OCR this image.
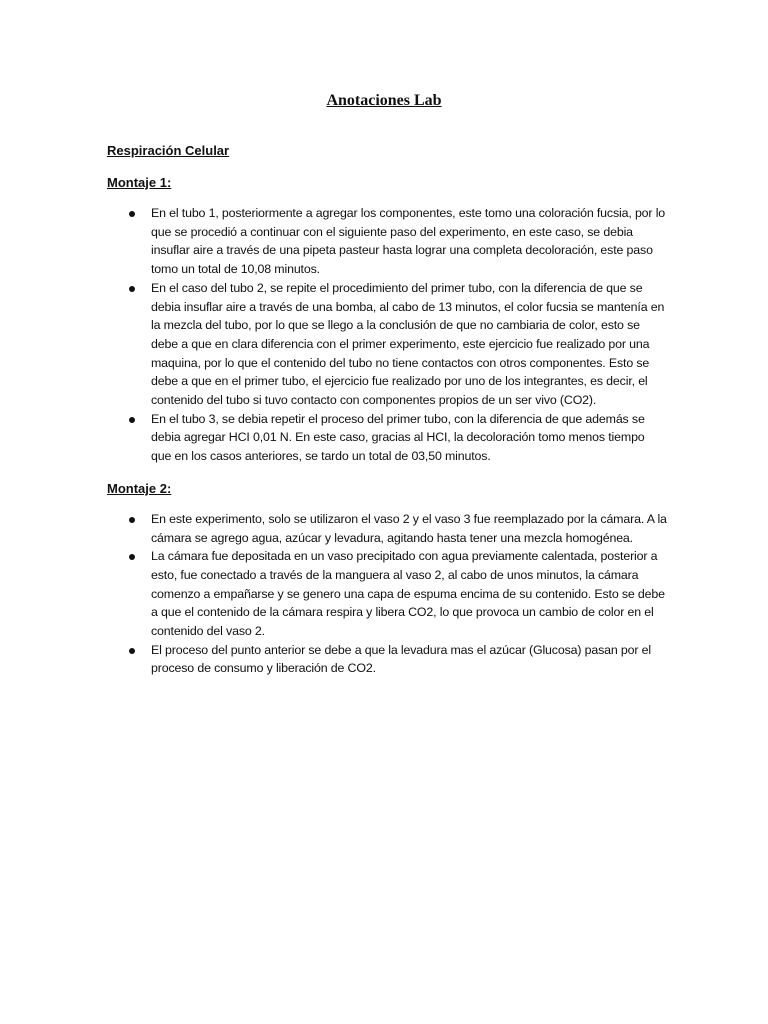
Anotaciones Lab

Respiración Celular

Montaje 1:

En el tubo 1, posteriormente a agregar los componentes, este tomo una coloración fucsia, por lo que se procedió a continuar con el siguiente paso del experimento, en este caso, se debia insuflar aire a través de una pipeta pasteur hasta lograr una completa decoloración, este paso tomo un total de 10,08 minutos.
En el caso del tubo 2, se repite el procedimiento del primer tubo, con la diferencia de que se debia insuflar aire a través de una bomba, al cabo de 13 minutos, el color fucsia se mantenía en la mezcla del tubo, por lo que se llego a la conclusión de que no cambiaria de color, esto se debe a que en clara diferencia con el primer experimento, este ejercicio fue realizado por una maquina, por lo que el contenido del tubo no tiene contactos con otros componentes. Esto se debe a que en el primer tubo, el ejercicio fue realizado por uno de los integrantes, es decir, el contenido del tubo si tuvo contacto con componentes propios de un ser vivo (CO2).
En el tubo 3, se debia repetir el proceso del primer tubo, con la diferencia de que además se debia agregar HCI 0,01 N. En este caso, gracias al HCI, la decoloración tomo menos tiempo que en los casos anteriores, se tardo un total de 03,50 minutos.

Montaje 2:

En este experimento, solo se utilizaron el vaso 2 y el vaso 3 fue reemplazado por la cámara. A la cámara se agrego agua, azúcar y levadura, agitando hasta tener una mezcla homogénea.
La cámara fue depositada en un vaso precipitado con agua previamente calentada, posterior a esto, fue conectado a través de la manguera al vaso 2, al cabo de unos minutos, la cámara comenzo a empañarse y se genero una capa de espuma encima de su contenido. Esto se debe a que el contenido de la cámara respira y libera CO2, lo que provoca un cambio de color en el contenido del vaso 2.
El proceso del punto anterior se debe a que la levadura mas el azúcar (Glucosa) pasan por el proceso de consumo y liberación de CO2.
